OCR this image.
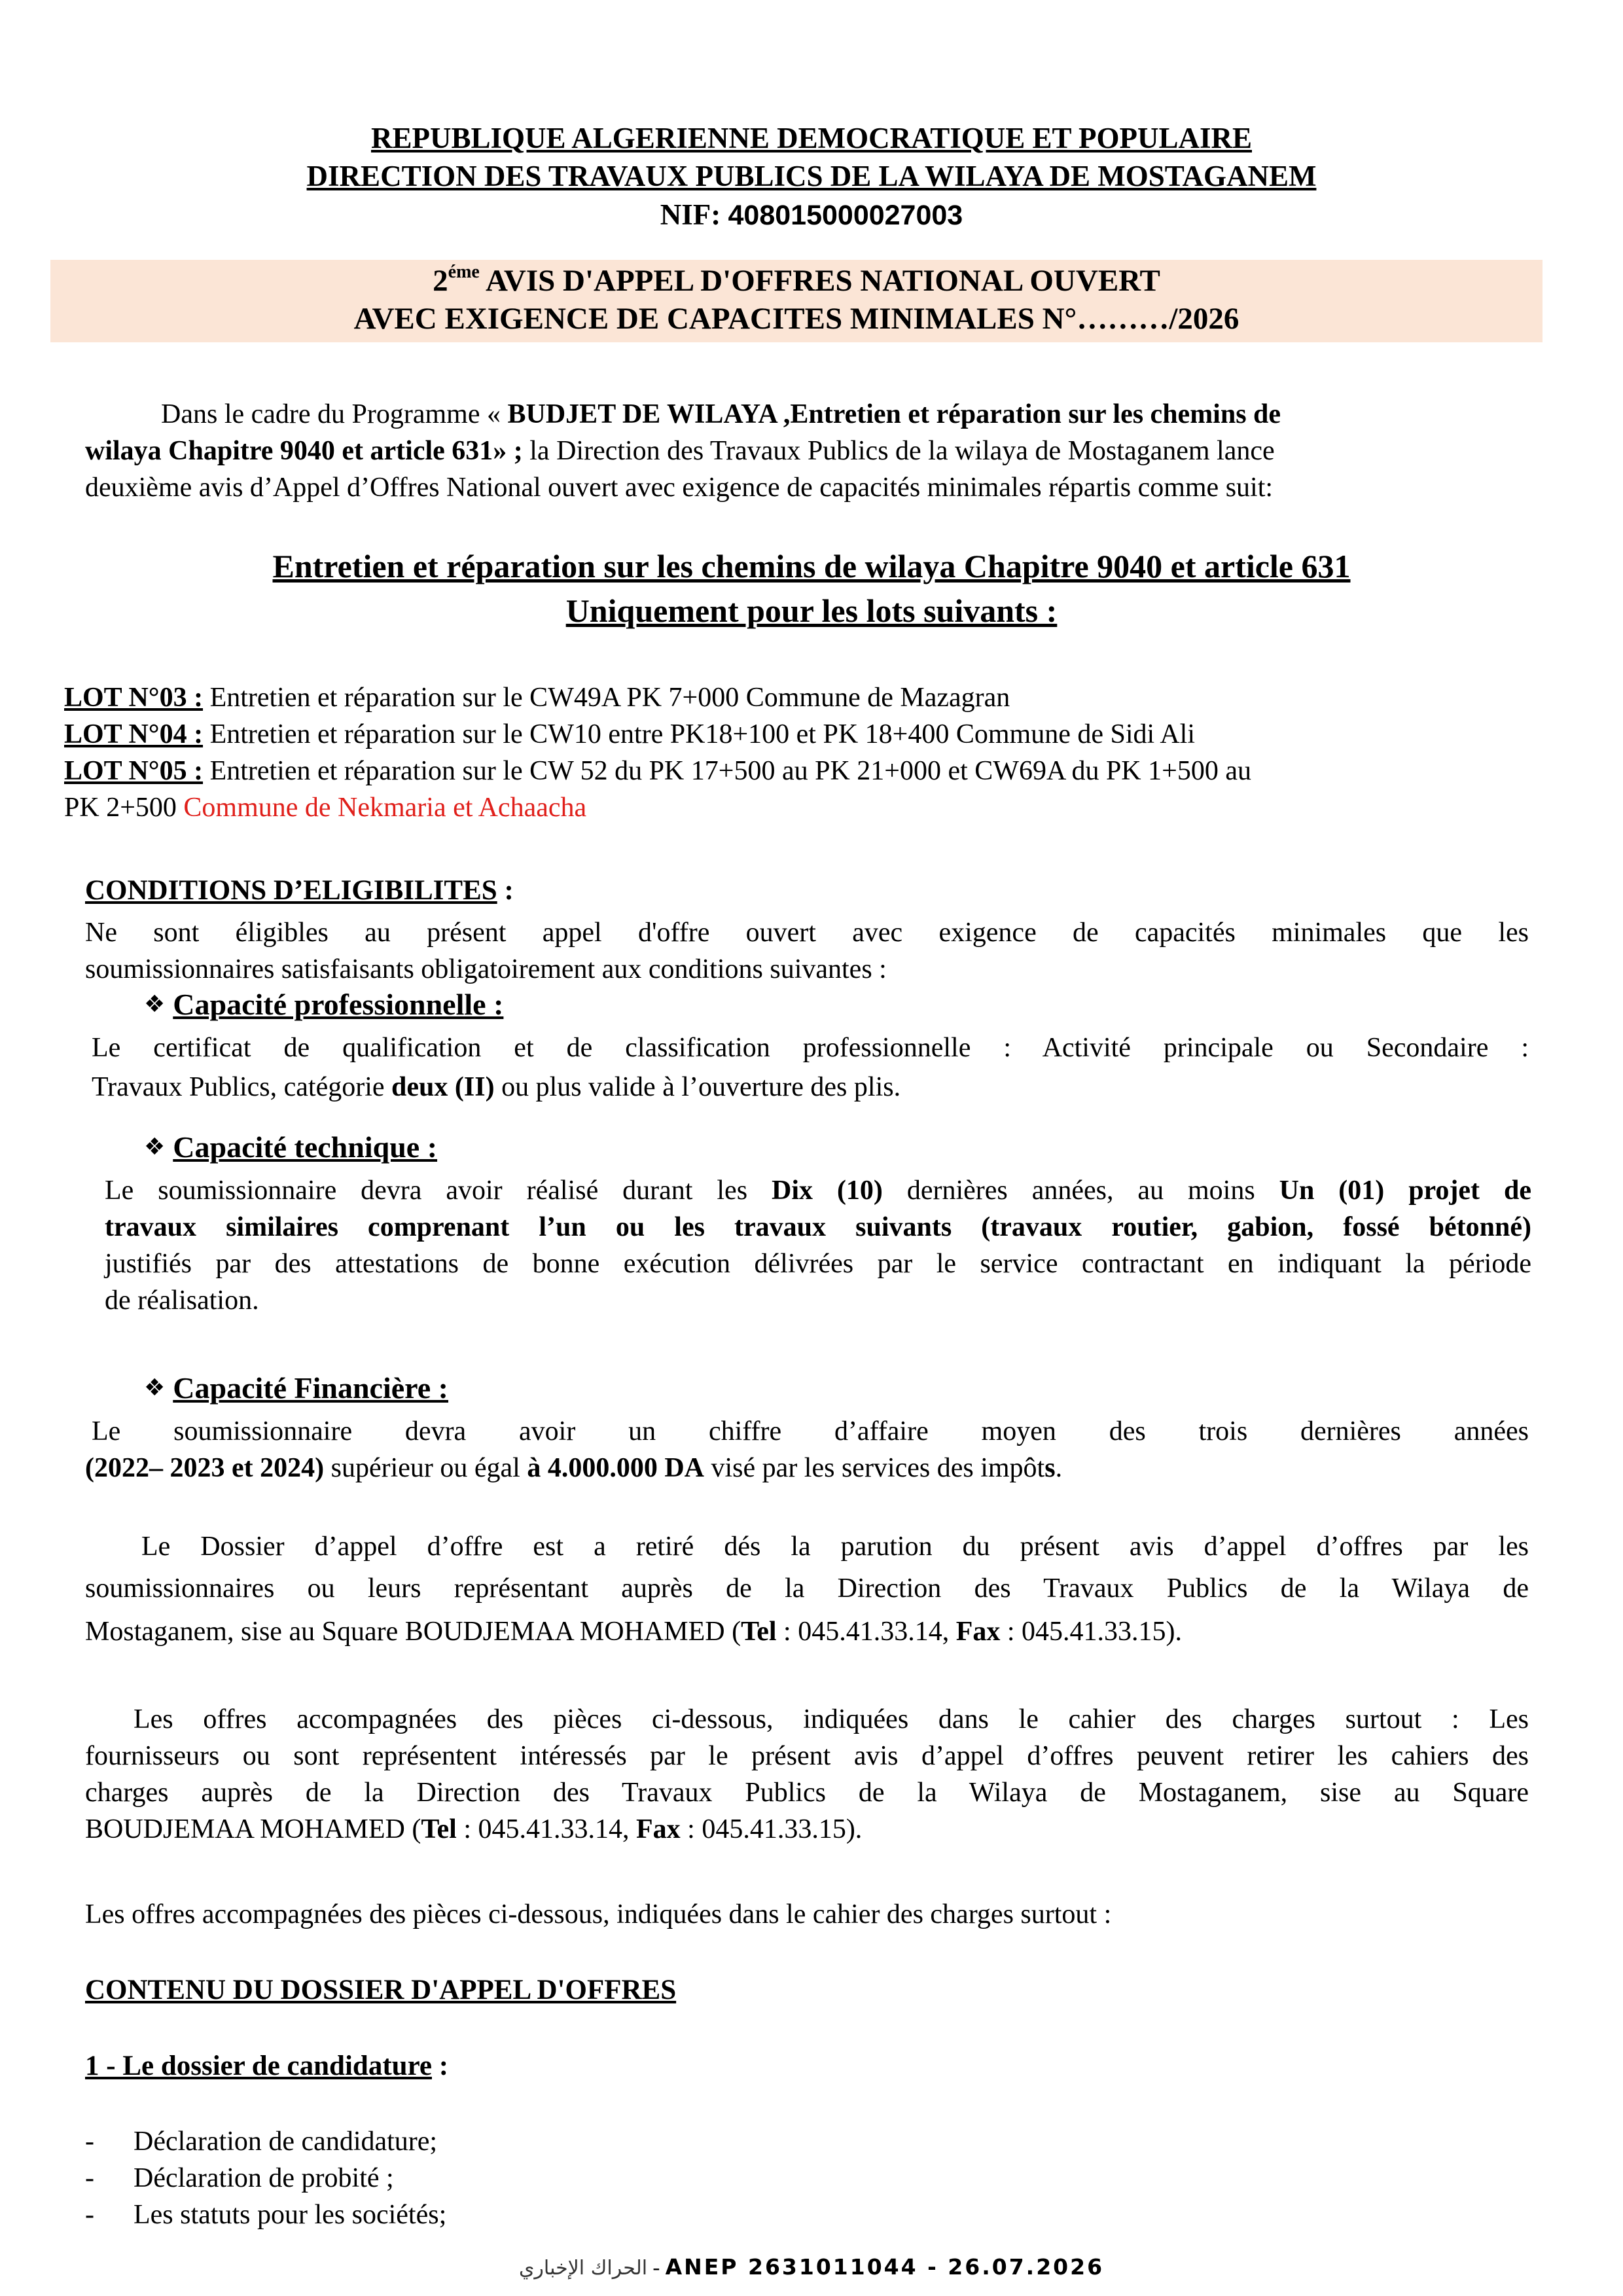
REPUBLIQUE ALGERIENNE DEMOCRATIQUE ET POPULAIRE
DIRECTION DES TRAVAUX PUBLICS DE LA WILAYA DE MOSTAGANEM
NIF: 408015000027003
$2^{éme}$ AVIS D'APPEL D'OFFRES NATIONAL OUVERT
AVEC EXIGENCE DE CAPACITES MINIMALES N°………/2026
Dans le cadre du Programme « BUDJET DE WILAYA ,Entretien et réparation sur les chemins de
wilaya Chapitre 9040 et article 631» ; la Direction des Travaux Publics de la wilaya de Mostaganem lance
deuxième avis d’Appel d’Offres National ouvert avec exigence de capacités minimales répartis comme suit:
Entretien et réparation sur les chemins de wilaya Chapitre 9040 et article 631
Uniquement pour les lots suivants :
LOT N°03 : Entretien et réparation sur le CW49A PK 7+000 Commune de Mazagran
LOT N°04 : Entretien et réparation sur le CW10 entre PK18+100 et PK 18+400 Commune de Sidi Ali
LOT N°05 : Entretien et réparation sur le CW 52 du PK 17+500 au PK 21+000 et CW69A du PK 1+500 au
PK 2+500 Commune de Nekmaria et Achaacha
CONDITIONS D’ELIGIBILITES :
Ne sont éligibles au présent appel d'offre ouvert avec exigence de capacités minimales que les
soumissionnaires satisfaisants obligatoirement aux conditions suivantes :
❖ Capacité professionnelle :
Le certificat de qualification et de classification professionnelle : Activité principale ou Secondaire :
Travaux Publics, catégorie deux (II) ou plus valide à l’ouverture des plis.
❖ Capacité technique :
Le soumissionnaire devra avoir réalisé durant les Dix (10) dernières années, au moins Un (01) projet de
travaux similaires comprenant l’un ou les travaux suivants (travaux routier, gabion, fossé bétonné)
justifiés par des attestations de bonne exécution délivrées par le service contractant en indiquant la période
de réalisation.
❖ Capacité Financière :
Le soumissionnaire devra avoir un chiffre d’affaire moyen des trois dernières années
(2022– 2023 et 2024) supérieur ou égal à 4.000.000 DA visé par les services des impôts.
Le Dossier d’appel d’offre est a retiré dés la parution du présent avis d’appel d’offres par les
soumissionnaires ou leurs représentant auprès de la Direction des Travaux Publics de la Wilaya de
Mostaganem, sise au Square BOUDJEMAA MOHAMED (Tel : 045.41.33.14, Fax : 045.41.33.15).
Les offres accompagnées des pièces ci-dessous, indiquées dans le cahier des charges surtout : Les
fournisseurs ou sont représentent intéressés par le présent avis d’appel d’offres peuvent retirer les cahiers des
charges auprès de la Direction des Travaux Publics de la Wilaya de Mostaganem, sise au Square
BOUDJEMAA MOHAMED (Tel : 045.41.33.14, Fax : 045.41.33.15).
Les offres accompagnées des pièces ci-dessous, indiquées dans le cahier des charges surtout :
CONTENU DU DOSSIER D'APPEL D'OFFRES
1 - Le dossier de candidature :
- Déclaration de candidature;
- Déclaration de probité ;
- Les statuts pour les sociétés;
الحراك الإخباري - ANEP 2631011044 - 26.07.2026
